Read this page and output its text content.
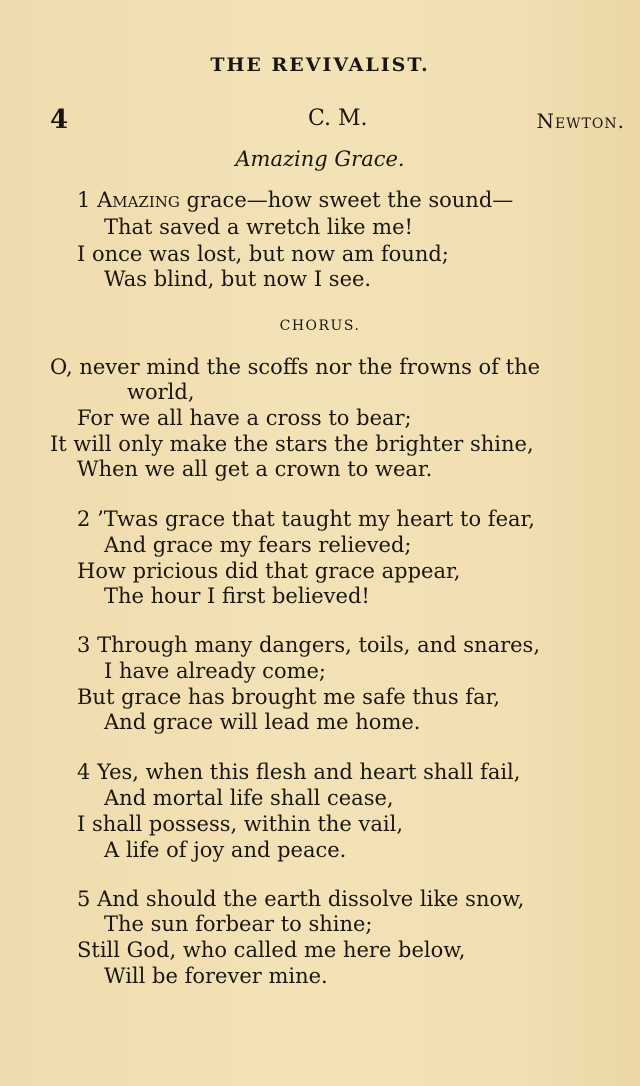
THE REVIVALIST.
4	C. M.	Newton.
Amazing Grace.
1 Amazing grace—how sweet the sound—
That saved a wretch like me!
I once was lost, but now am found;
Was blind, but now I see.
CHORUS.
O, never mind the scoffs nor the frowns of the
world,
For we all have a cross to bear;
It will only make the stars the brighter shine,
When we all get a crown to wear.
2 ’Twas grace that taught my heart to fear,
And grace my fears relieved;
How pricious did that grace appear,
The hour I first believed!
3 Through many dangers, toils, and snares,
I have already come;
But grace has brought me safe thus far,
And grace will lead me home.
4 Yes, when this flesh and heart shall fail,
And mortal life shall cease,
I shall possess, within the vail,
A life of joy and peace.
5 And should the earth dissolve like snow,
The sun forbear to shine;
Still God, who called me here below,
Will be forever mine.
